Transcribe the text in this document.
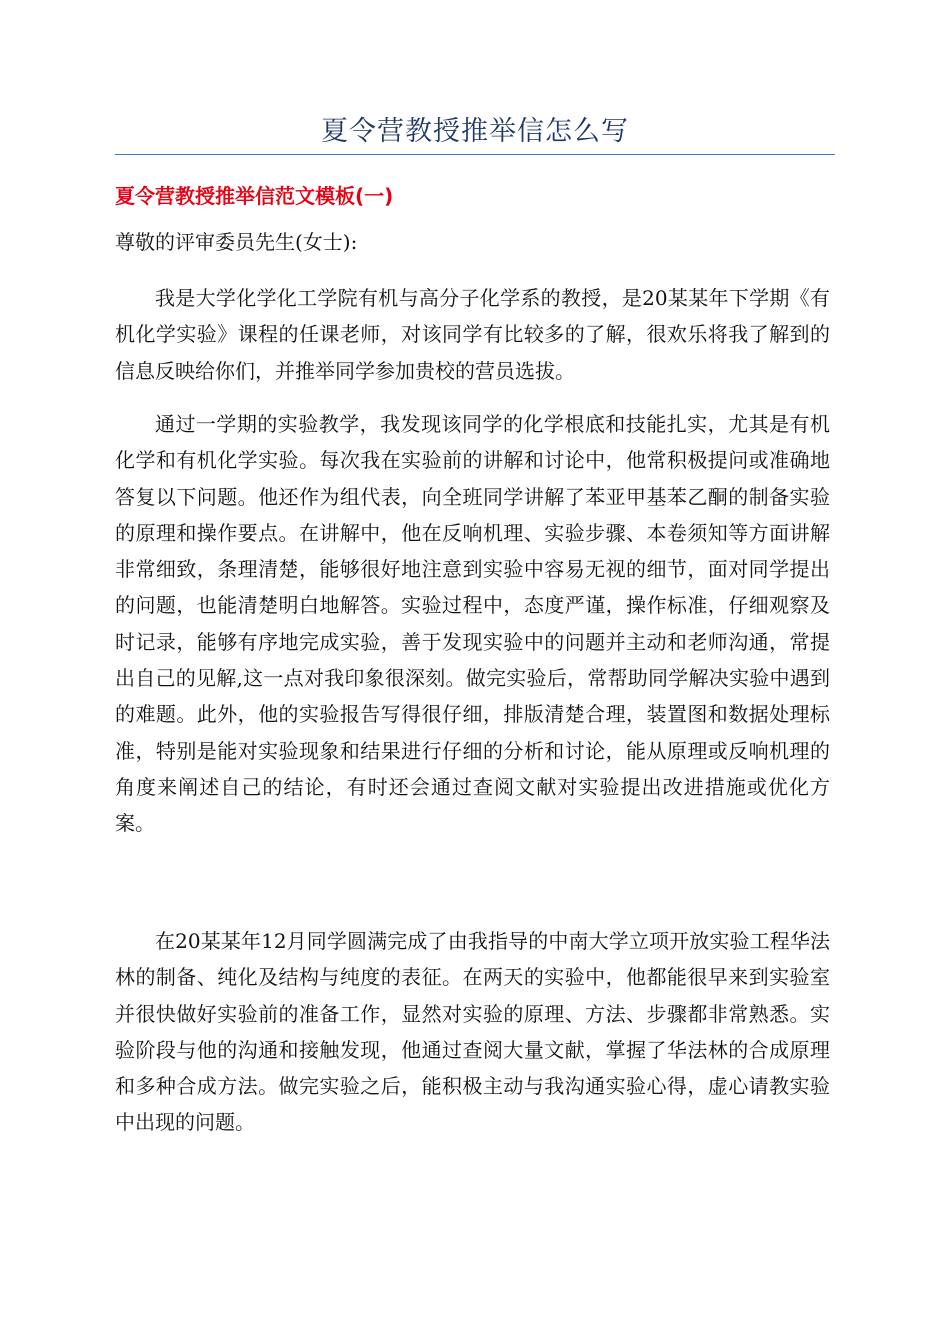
夏令营教授推举信怎么写
夏令营教授推举信范文模板(一)

尊敬的评审委员先生(女士):

我是大学化学化工学院有机与高分子化学系的教授，是20某某年下学期《有机化学实验》课程的任课老师，对该同学有比较多的了解，很欢乐将我了解到的信息反映给你们，并推举同学参加贵校的营员选拔。

通过一学期的实验教学，我发现该同学的化学根底和技能扎实，尤其是有机化学和有机化学实验。每次我在实验前的讲解和讨论中，他常积极提问或准确地答复以下问题。他还作为组代表，向全班同学讲解了苯亚甲基苯乙酮的制备实验的原理和操作要点。在讲解中，他在反响机理、实验步骤、本卷须知等方面讲解非常细致，条理清楚，能够很好地注意到实验中容易无视的细节，面对同学提出的问题，也能清楚明白地解答。实验过程中，态度严谨，操作标准，仔细观察及时记录，能够有序地完成实验，善于发现实验中的问题并主动和老师沟通，常提出自己的见解,这一点对我印象很深刻。做完实验后，常帮助同学解决实验中遇到的难题。此外，他的实验报告写得很仔细，排版清楚合理，装置图和数据处理标准，特别是能对实验现象和结果进行仔细的分析和讨论，能从原理或反响机理的角度来阐述自己的结论，有时还会通过查阅文献对实验提出改进措施或优化方案。

在20某某年12月同学圆满完成了由我指导的中南大学立项开放实验工程华法林的制备、纯化及结构与纯度的表征。在两天的实验中，他都能很早来到实验室并很快做好实验前的准备工作，显然对实验的原理、方法、步骤都非常熟悉。实验阶段与他的沟通和接触发现，他通过查阅大量文献，掌握了华法林的合成原理和多种合成方法。做完实验之后，能积极主动与我沟通实验心得，虚心请教实验中出现的问题。
